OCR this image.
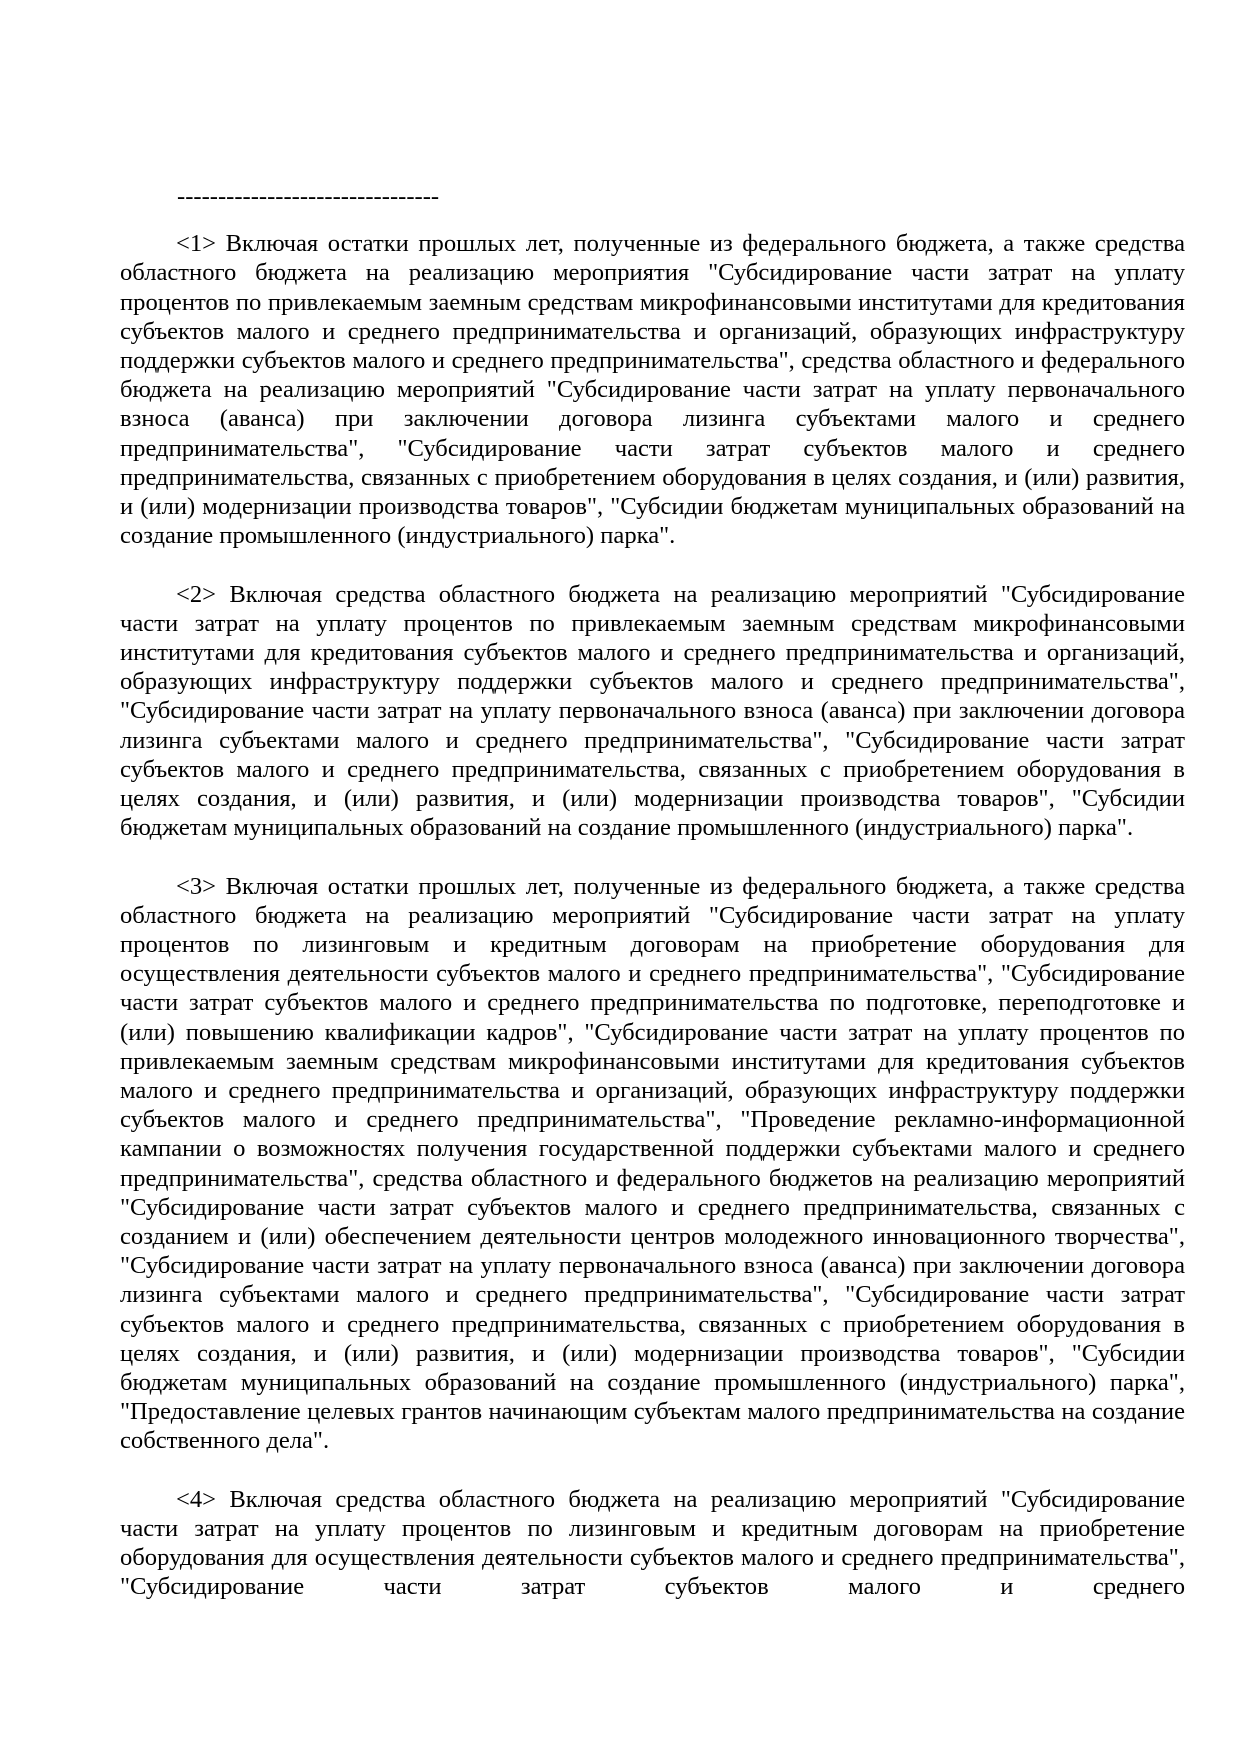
--------------------------------

<1> Включая остатки прошлых лет, полученные из федерального бюджета, а также средства областного бюджета на реализацию мероприятия "Субсидирование части затрат на уплату процентов по привлекаемым заемным средствам микрофинансовыми институтами для кредитования субъектов малого и среднего предпринимательства и организаций, образующих инфраструктуру поддержки субъектов малого и среднего предпринимательства", средства областного и федерального бюджета на реализацию мероприятий "Субсидирование части затрат на уплату первоначального взноса (аванса) при заключении договора лизинга субъектами малого и среднего предпринимательства", "Субсидирование части затрат субъектов малого и среднего предпринимательства, связанных с приобретением оборудования в целях создания, и (или) развития, и (или) модернизации производства товаров", "Субсидии бюджетам муниципальных образований на создание промышленного (индустриального) парка".

<2> Включая средства областного бюджета на реализацию мероприятий "Субсидирование части затрат на уплату процентов по привлекаемым заемным средствам микрофинансовыми институтами для кредитования субъектов малого и среднего предпринимательства и организаций, образующих инфраструктуру поддержки субъектов малого и среднего предпринимательства", "Субсидирование части затрат на уплату первоначального взноса (аванса) при заключении договора лизинга субъектами малого и среднего предпринимательства", "Субсидирование части затрат субъектов малого и среднего предпринимательства, связанных с приобретением оборудования в целях создания, и (или) развития, и (или) модернизации производства товаров", "Субсидии бюджетам муниципальных образований на создание промышленного (индустриального) парка".

<3> Включая остатки прошлых лет, полученные из федерального бюджета, а также средства областного бюджета на реализацию мероприятий "Субсидирование части затрат на уплату процентов по лизинговым и кредитным договорам на приобретение оборудования для осуществления деятельности субъектов малого и среднего предпринимательства", "Субсидирование части затрат субъектов малого и среднего предпринимательства по подготовке, переподготовке и (или) повышению квалификации кадров", "Субсидирование части затрат на уплату процентов по привлекаемым заемным средствам микрофинансовыми институтами для кредитования субъектов малого и среднего предпринимательства и организаций, образующих инфраструктуру поддержки субъектов малого и среднего предпринимательства", "Проведение рекламно-информационной кампании о возможностях получения государственной поддержки субъектами малого и среднего предпринимательства", средства областного и федерального бюджетов на реализацию мероприятий "Субсидирование части затрат субъектов малого и среднего предпринимательства, связанных с созданием и (или) обеспечением деятельности центров молодежного инновационного творчества", "Субсидирование части затрат на уплату первоначального взноса (аванса) при заключении договора лизинга субъектами малого и среднего предпринимательства", "Субсидирование части затрат субъектов малого и среднего предпринимательства, связанных с приобретением оборудования в целях создания, и (или) развития, и (или) модернизации производства товаров", "Субсидии бюджетам муниципальных образований на создание промышленного (индустриального) парка", "Предоставление целевых грантов начинающим субъектам малого предпринимательства на создание собственного дела".

<4> Включая средства областного бюджета на реализацию мероприятий "Субсидирование части затрат на уплату процентов по лизинговым и кредитным договорам на приобретение оборудования для осуществления деятельности субъектов малого и среднего предпринимательства", "Субсидирование части затрат субъектов малого и среднего
